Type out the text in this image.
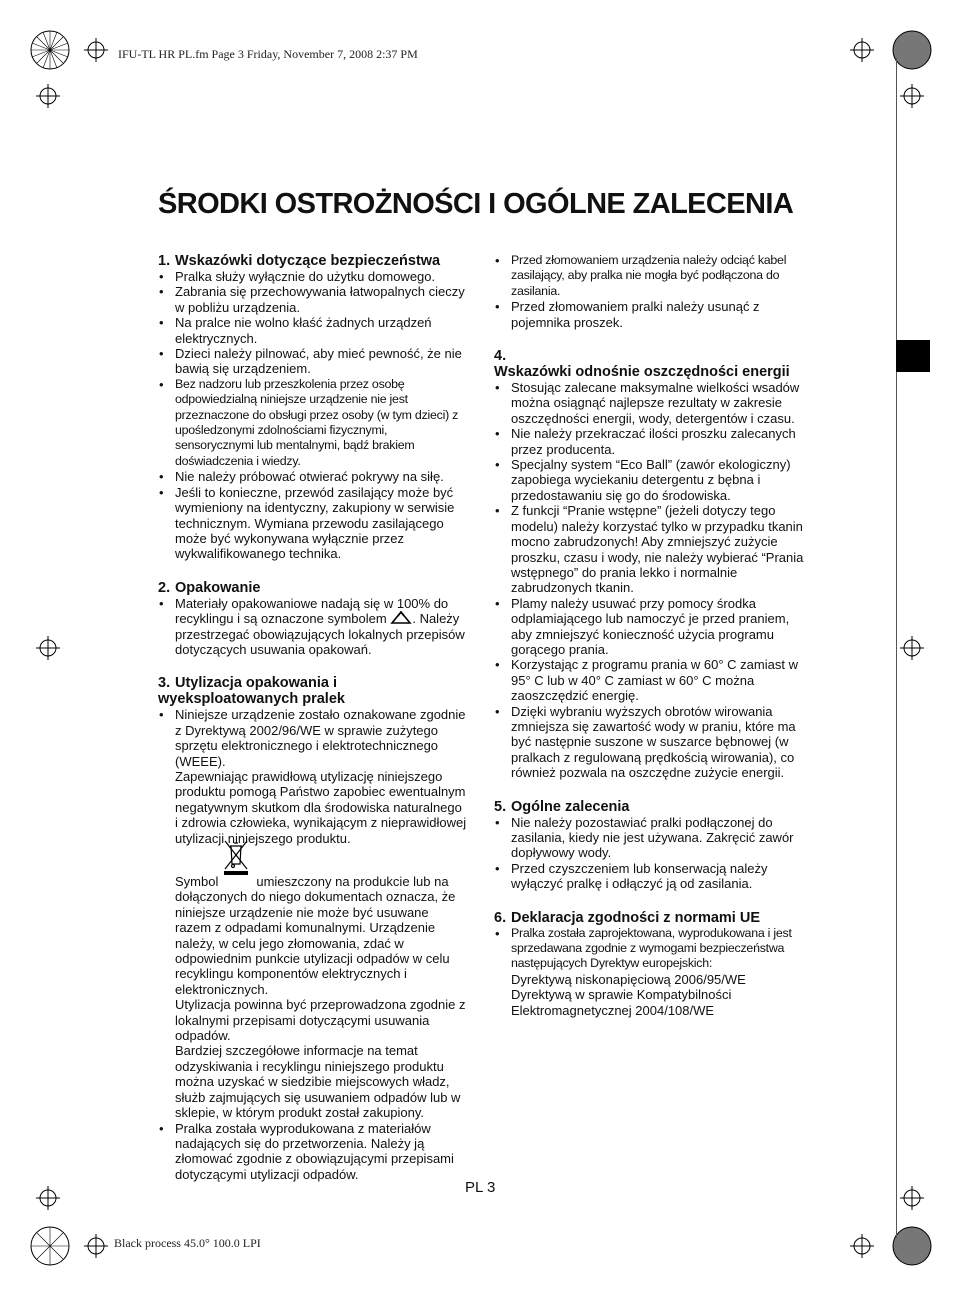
IFU-TL HR PL.fm Page 3 Friday, November 7, 2008 2:37 PM
Black process 45.0° 100.0 LPI
ŚRODKI OSTROŻNOŚCI I OGÓLNE ZALECENIA
1. Wskazówki dotyczące bezpieczeństwa
• Pralka służy wyłącznie do użytku domowego.
• Zabrania się przechowywania łatwopalnych cieczy w pobliżu urządzenia.
• Na pralce nie wolno kłaść żadnych urządzeń elektrycznych.
• Dzieci należy pilnować, aby mieć pewność, że nie bawią się urządzeniem.
• Bez nadzoru lub przeszkolenia przez osobę odpowiedzialną niniejsze urządzenie nie jest przeznaczone do obsługi przez osoby (w tym dzieci) z upośledzonymi zdolnościami fizycznymi, sensorycznymi lub mentalnymi, bądź brakiem doświadczenia i wiedzy.
• Nie należy próbować otwierać pokrywy na siłę.
• Jeśli to konieczne, przewód zasilający może być wymieniony na identyczny, zakupiony w serwisie technicznym. Wymiana przewodu zasilającego może być wykonywana wyłącznie przez wykwalifikowanego technika.
2. Opakowanie
• Materiały opakowaniowe nadają się w 100% do recyklingu i są oznaczone symbolem . Należy przestrzegać obowiązujących lokalnych przepisów dotyczących usuwania opakowań.
3. Utylizacja opakowania i
wyeksploatowanych pralek
• Niniejsze urządzenie zostało oznakowane zgodnie z Dyrektywą 2002/96/WE w sprawie zużytego sprzętu elektronicznego i elektrotechnicznego (WEEE).
Zapewniając prawidłową utylizację niniejszego produktu pomogą Państwo zapobiec ewentualnym negatywnym skutkom dla środowiska naturalnego i zdrowia człowieka, wynikającym z nieprawidłowej utylizacji niniejszego produktu.
Symbol	umieszczony na produkcie lub na dołączonych do niego dokumentach oznacza, że niniejsze urządzenie nie może być usuwane razem z odpadami komunalnymi. Urządzenie należy, w celu jego złomowania, zdać w odpowiednim punkcie utylizacji odpadów w celu recyklingu komponentów elektrycznych i elektronicznych.
Utylizacja powinna być przeprowadzona zgodnie z lokalnymi przepisami dotyczącymi usuwania odpadów.
Bardziej szczegółowe informacje na temat odzyskiwania i recyklingu niniejszego produktu można uzyskać w siedzibie miejscowych władz, służb zajmujących się usuwaniem odpadów lub w sklepie, w którym produkt został zakupiony.
• Pralka została wyprodukowana z materiałów nadających się do przetworzenia. Należy ją złomować zgodnie z obowiązującymi przepisami dotyczącymi utylizacji odpadów.
• Przed złomowaniem urządzenia należy odciąć kabel zasilający, aby pralka nie mogła być podłączona do zasilania.
• Przed złomowaniem pralki należy usunąć z pojemnika proszek.
4.Wskazówki odnośnie oszczędności energii
• Stosując zalecane maksymalne wielkości wsadów można osiągnąć najlepsze rezultaty w zakresie oszczędności energii, wody, detergentów i czasu.
• Nie należy przekraczać ilości proszku zalecanych przez producenta.
• Specjalny system “Eco Ball” (zawór ekologiczny) zapobiega wyciekaniu detergentu z bębna i przedostawaniu się go do środowiska.
• Z funkcji “Pranie wstępne” (jeżeli dotyczy tego modelu) należy korzystać tylko w przypadku tkanin mocno zabrudzonych! Aby zmniejszyć zużycie proszku, czasu i wody, nie należy wybierać “Prania wstępnego” do prania lekko i normalnie zabrudzonych tkanin.
• Plamy należy usuwać przy pomocy środka odplamiającego lub namoczyć je przed praniem, aby zmniejszyć konieczność użycia programu gorącego prania.
• Korzystając z programu prania w 60° C zamiast w 95° C lub w 40° C zamiast w 60° C można zaoszczędzić energię.
• Dzięki wybraniu wyższych obrotów wirowania zmniejsza się zawartość wody w praniu, które ma być następnie suszone w suszarce bębnowej (w pralkach z regulowaną prędkością wirowania), co również pozwala na oszczędne zużycie energii.
5. Ogólne zalecenia
• Nie należy pozostawiać pralki podłączonej do zasilania, kiedy nie jest używana. Zakręcić zawór dopływowy wody.
• Przed czyszczeniem lub konserwacją należy wyłączyć pralkę i odłączyć ją od zasilania.
6. Deklaracja zgodności z normami UE
• Pralka została zaprojektowana, wyprodukowana i jest sprzedawana zgodnie z wymogami bezpieczeństwa następujących Dyrektyw europejskich:
Dyrektywą niskonapięciową 2006/95/WE
Dyrektywą w sprawie Kompatybilności Elektromagnetycznej 2004/108/WE
PL 3
